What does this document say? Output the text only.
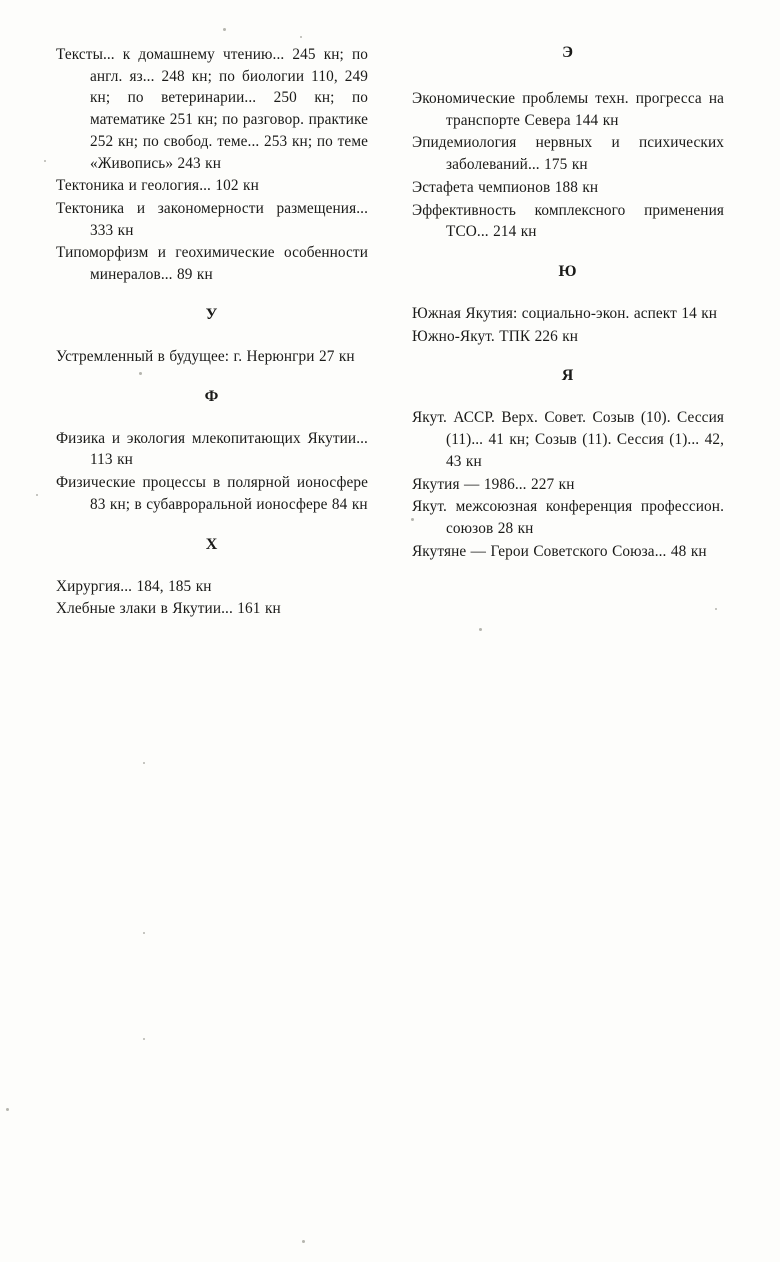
Тексты... к домашнему чтению... 245 кн; по англ. яз... 248 кн; по биологии 110, 249 кн; по ветеринарии... 250 кн; по математике 251 кн; по разговор. практике 252 кн; по свобод. теме... 253 кн; по теме «Живопись» 243 кн

Тектоника и геология... 102 кн

Тектоника и закономерности размещения... 333 кн

Типоморфизм и геохимические особенности минералов... 89 кн

У

Устремленный в будущее: г. Нерюнгри 27 кн

Ф

Физика и экология млекопитающих Якутии... 113 кн

Физические процессы в полярной ионосфере 83 кн; в субавроральной ионосфере 84 кн

X

Хирургия... 184, 185 кн

Хлебные злаки в Якутии... 161 кн

Э

Экономические проблемы техн. прогресса на транспорте Севера 144 кн

Эпидемиология нервных и психических заболеваний... 175 кн

Эстафета чемпионов 188 кн

Эффективность комплексного применения ТСО... 214 кн

Ю

Южная Якутия: социально-экон. аспект 14 кн

Южно-Якут. ТПК 226 кн

Я

Якут. АССР. Верх. Совет. Созыв (10). Сессия (11)... 41 кн; Созыв (11). Сессия (1)... 42, 43 кн

Якутия — 1986... 227 кн

Якут. межсоюзная конференция профессион. союзов 28 кн

Якутяне — Герои Советского Союза... 48 кн
